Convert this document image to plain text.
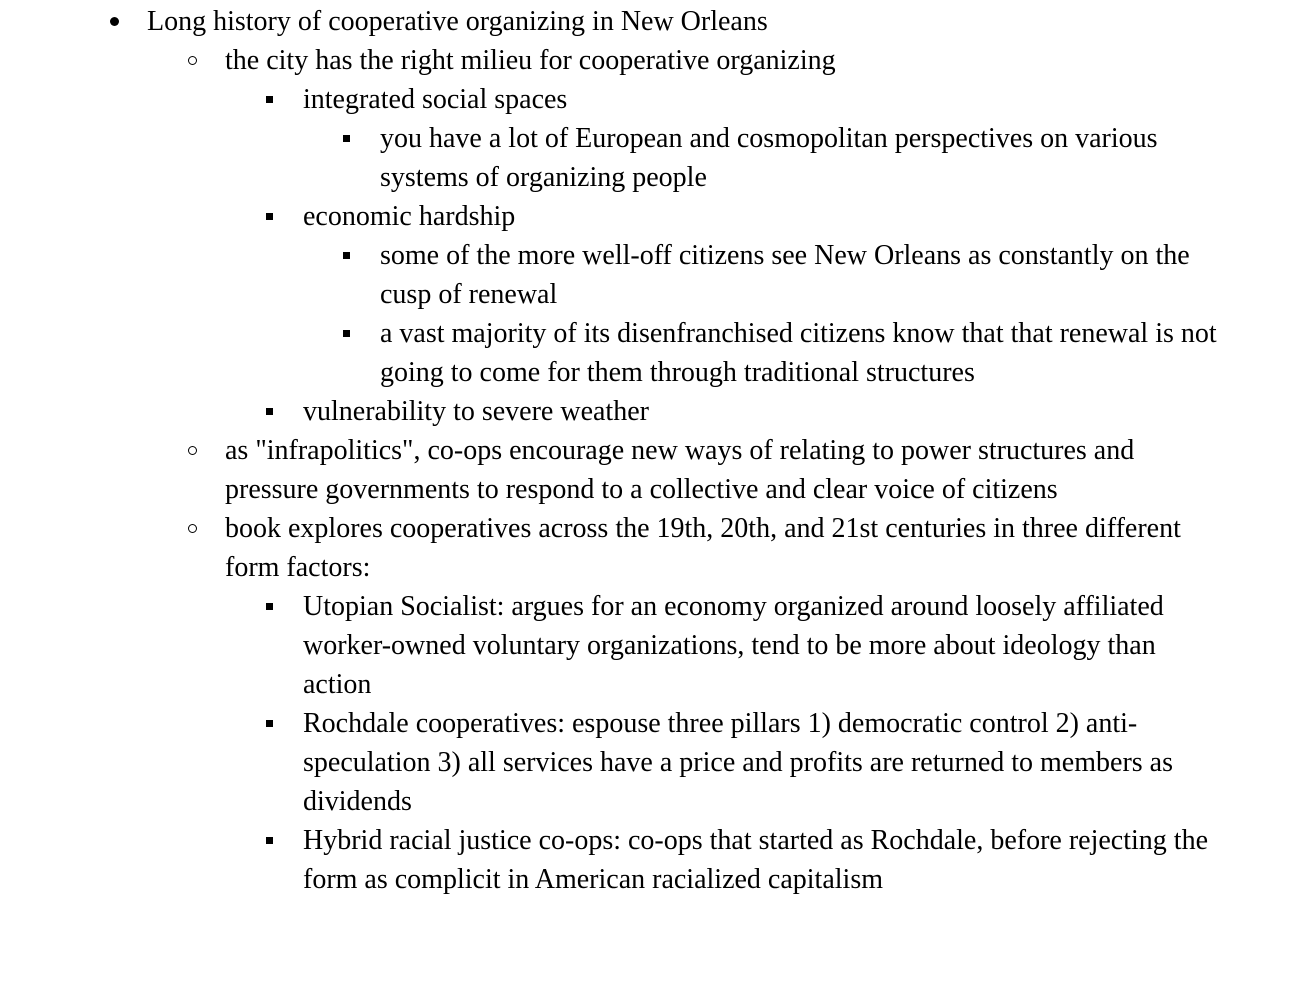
Long history of cooperative organizing in New Orleans
the city has the right milieu for cooperative organizing
integrated social spaces
you have a lot of European and cosmopolitan perspectives on various systems of organizing people
economic hardship
some of the more well-off citizens see New Orleans as constantly on the cusp of renewal
a vast majority of its disenfranchised citizens know that that renewal is not going to come for them through traditional structures
vulnerability to severe weather
as "infrapolitics", co-ops encourage new ways of relating to power structures and pressure governments to respond to a collective and clear voice of citizens
book explores cooperatives across the 19th, 20th, and 21st centuries in three different form factors:
Utopian Socialist: argues for an economy organized around loosely affiliated worker-owned voluntary organizations, tend to be more about ideology than action
Rochdale cooperatives: espouse three pillars 1) democratic control 2) anti-speculation 3) all services have a price and profits are returned to members as dividends
Hybrid racial justice co-ops: co-ops that started as Rochdale, before rejecting the form as complicit in American racialized capitalism
